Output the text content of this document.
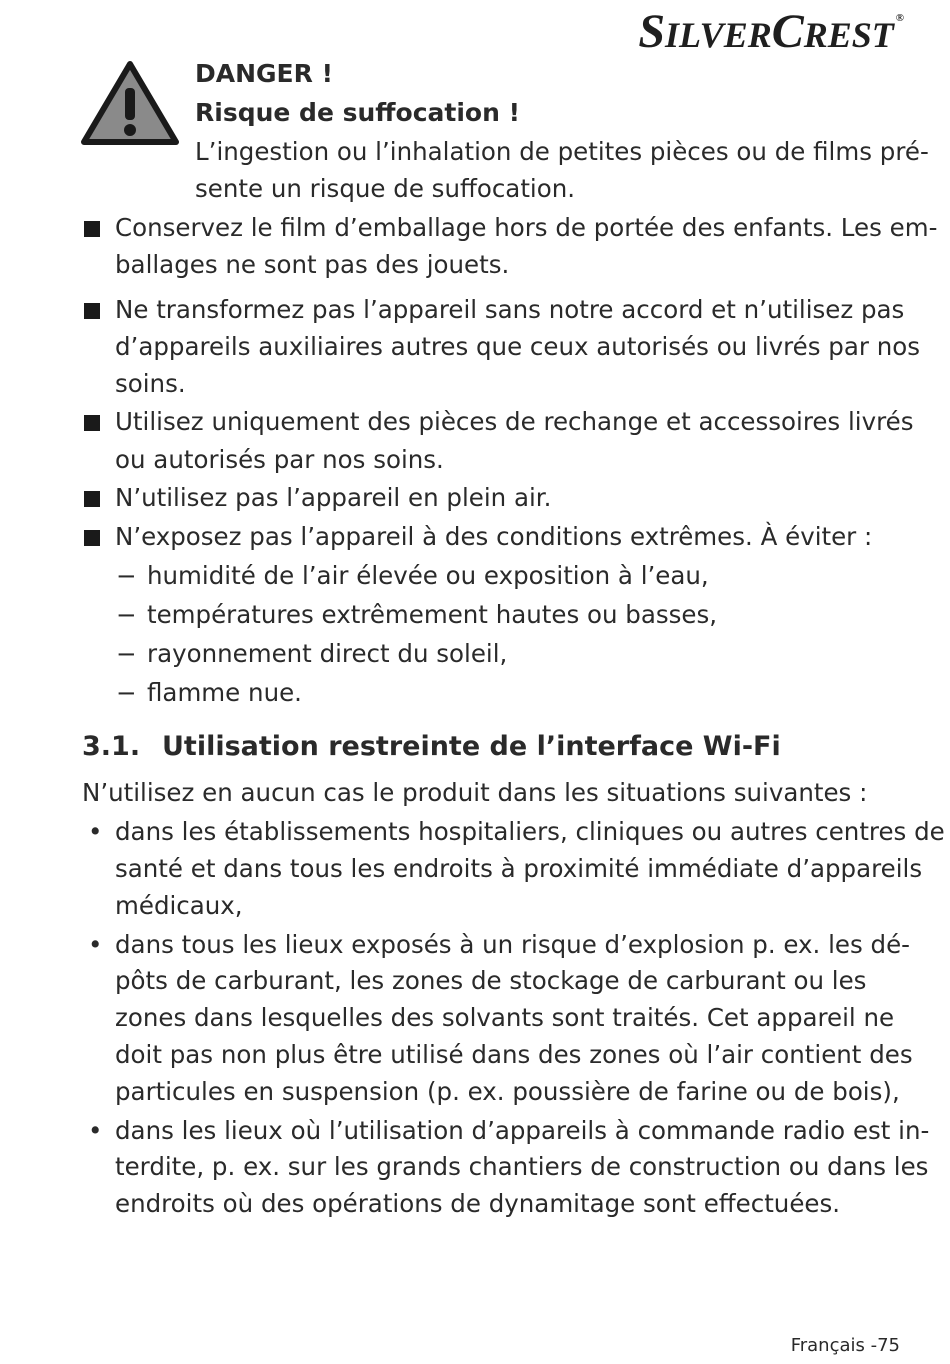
SILVERCREST ®
DANGER !
Risque de suffocation !
L’ingestion ou l’inhalation de petites pièces ou de films pré-
sente un risque de suffocation.
Conservez le film d’emballage hors de portée des enfants. Les em-
ballages ne sont pas des jouets.
Ne transformez pas l’appareil sans notre accord et n’utilisez pas
d’appareils auxiliaires autres que ceux autorisés ou livrés par nos
soins.
Utilisez uniquement des pièces de rechange et accessoires livrés
ou autorisés par nos soins.
N’utilisez pas l’appareil en plein air.
N’exposez pas l’appareil à des conditions extrêmes. À éviter :
− humidité de l’air élevée ou exposition à l’eau,
− températures extrêmement hautes ou basses,
− rayonnement direct du soleil,
− flamme nue.
3.1. Utilisation restreinte de l’interface Wi-Fi
N’utilisez en aucun cas le produit dans les situations suivantes :
• dans les établissements hospitaliers, cliniques ou autres centres de
santé et dans tous les endroits à proximité immédiate d’appareils
médicaux,
• dans tous les lieux exposés à un risque d’explosion p. ex. les dé-
pôts de carburant, les zones de stockage de carburant ou les
zones dans lesquelles des solvants sont traités. Cet appareil ne
doit pas non plus être utilisé dans des zones où l’air contient des
particules en suspension (p. ex. poussière de farine ou de bois),
• dans les lieux où l’utilisation d’appareils à commande radio est in-
terdite, p. ex. sur les grands chantiers de construction ou dans les
endroits où des opérations de dynamitage sont effectuées.
Français -75
